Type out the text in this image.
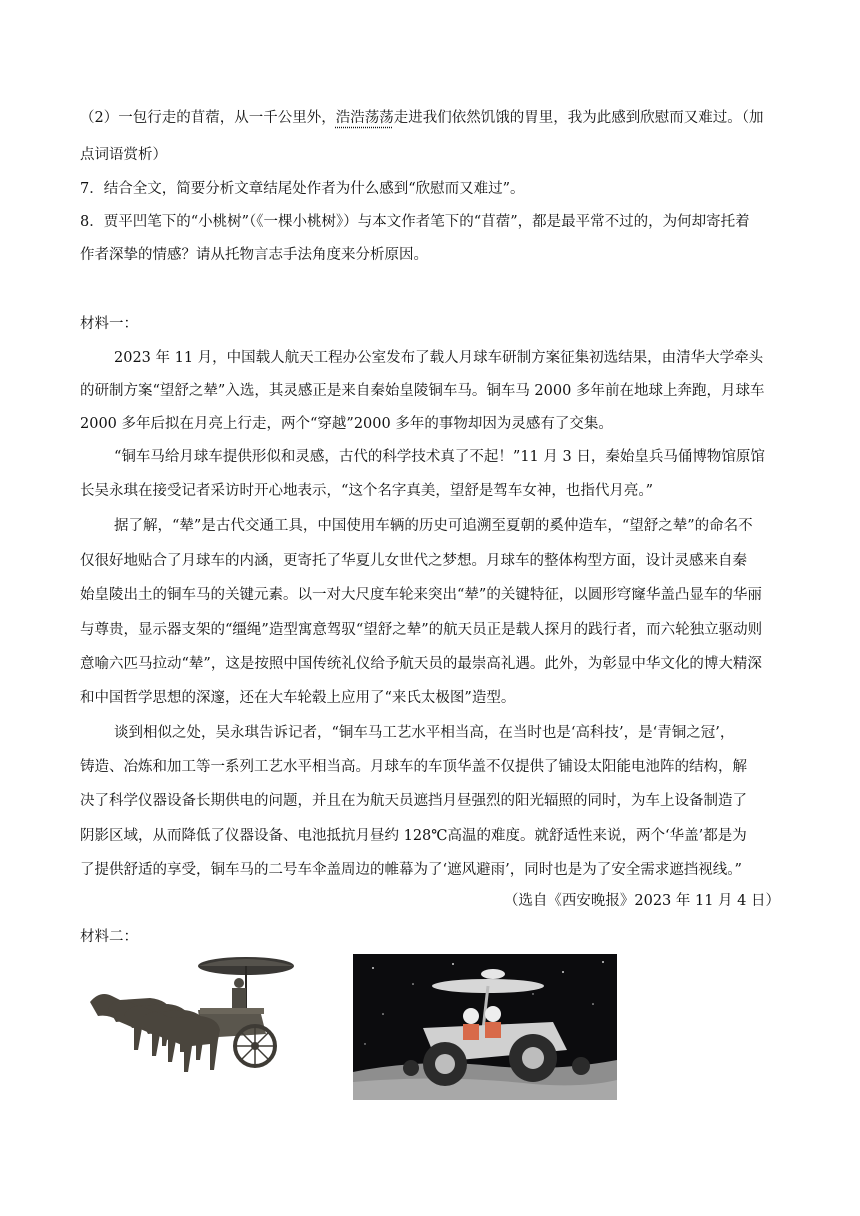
（2）一包行走的苜蓿，从一千公里外，浩浩荡荡走进我们依然饥饿的胃里，我为此感到欣慰而又难过。（加
点词语赏析）
7．结合全文，简要分析文章结尾处作者为什么感到“欣慰而又难过”。
8．贾平凹笔下的“小桃树”（《一棵小桃树》）与本文作者笔下的“苜蓿”，都是最平常不过的，为何却寄托着
作者深挚的情感？请从托物言志手法角度来分析原因。
材料一：
2023 年 11 月，中国载人航天工程办公室发布了载人月球车研制方案征集初选结果，由清华大学牵头
的研制方案“望舒之辇”入选，其灵感正是来自秦始皇陵铜车马。铜车马 2000 多年前在地球上奔跑，月球车
2000 多年后拟在月亮上行走，两个“穿越”2000 多年的事物却因为灵感有了交集。
“铜车马给月球车提供形似和灵感，古代的科学技术真了不起！”11 月 3 日，秦始皇兵马俑博物馆原馆
长吴永琪在接受记者采访时开心地表示，“这个名字真美，望舒是驾车女神，也指代月亮。”
据了解，“辇”是古代交通工具，中国使用车辆的历史可追溯至夏朝的奚仲造车，“望舒之辇”的命名不
仅很好地贴合了月球车的内涵，更寄托了华夏儿女世代之梦想。月球车的整体构型方面，设计灵感来自秦
始皇陵出土的铜车马的关键元素。以一对大尺度车轮来突出“辇”的关键特征，以圆形穹窿华盖凸显车的华丽
与尊贵，显示器支架的“缰绳”造型寓意驾驭“望舒之辇”的航天员正是载人探月的践行者，而六轮独立驱动则
意喻六匹马拉动“辇”，这是按照中国传统礼仪给予航天员的最崇高礼遇。此外，为彰显中华文化的博大精深
和中国哲学思想的深邃，还在大车轮毂上应用了“来氏太极图”造型。
谈到相似之处，吴永琪告诉记者，“铜车马工艺水平相当高，在当时也是‘高科技’，是‘青铜之冠’，
铸造、冶炼和加工等一系列工艺水平相当高。月球车的车顶华盖不仅提供了铺设太阳能电池阵的结构，解
决了科学仪器设备长期供电的问题，并且在为航天员遮挡月昼强烈的阳光辐照的同时，为车上设备制造了
阴影区域，从而降低了仪器设备、电池抵抗月昼约 128℃高温的难度。就舒适性来说，两个‘华盖’都是为
了提供舒适的享受，铜车马的二号车伞盖周边的帷幕为了‘遮风避雨’，同时也是为了安全需求遮挡视线。”
（选自《西安晚报》2023 年 11 月 4 日）
材料二：
